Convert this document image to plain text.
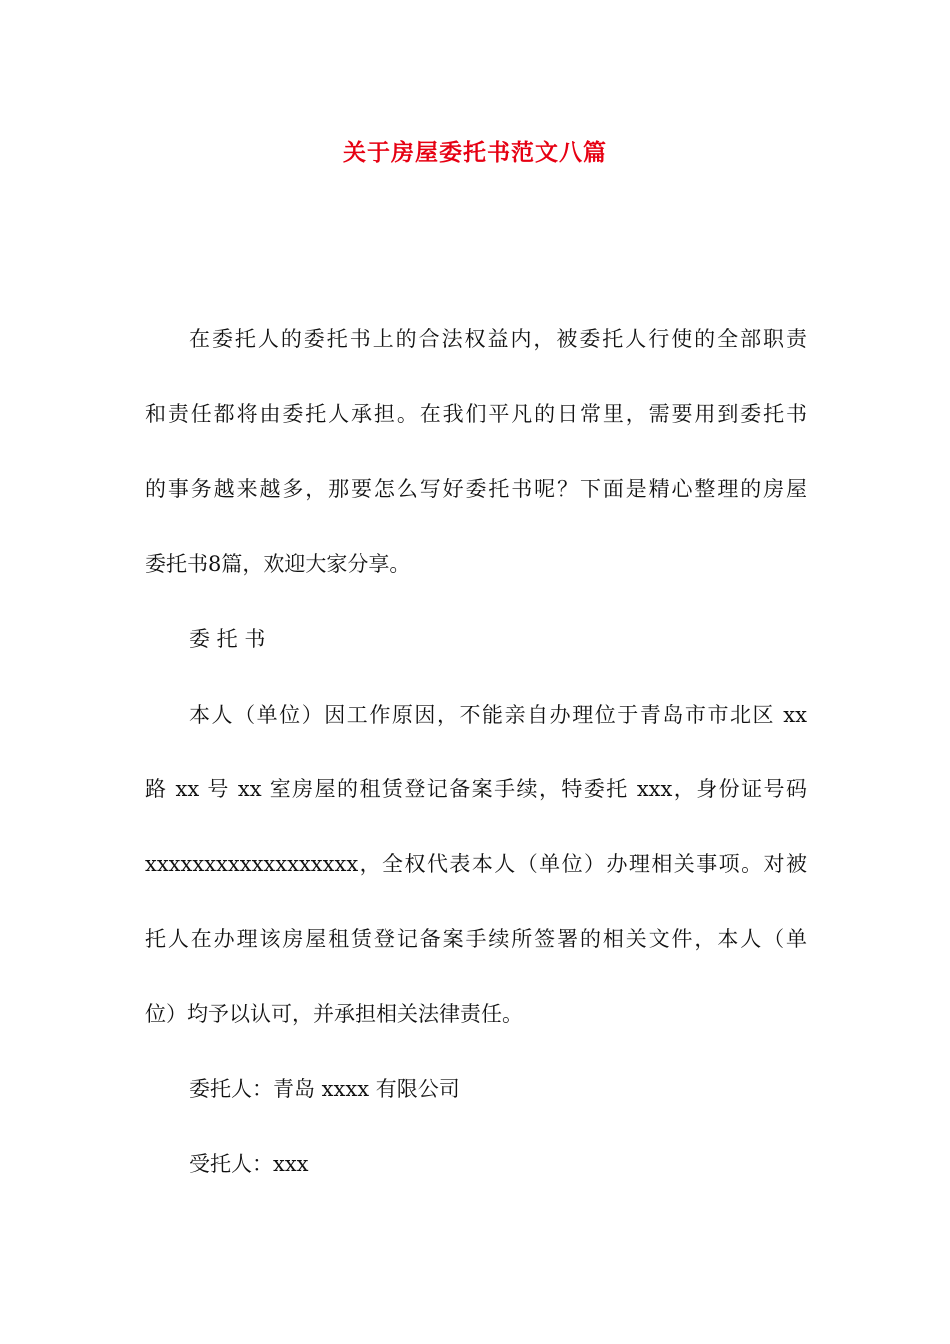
关于房屋委托书范文八篇
在委托人的委托书上的合法权益内，被委托人行使的全部职责
和责任都将由委托人承担。在我们平凡的日常里，需要用到委托书
的事务越来越多，那要怎么写好委托书呢？下面是精心整理的房屋
委托书8篇，欢迎大家分享。
委 托 书
本人（单位）因工作原因，不能亲自办理位于青岛市市北区 xx
路 xx 号 xx 室房屋的租赁登记备案手续，特委托 xxx，身份证号码
xxxxxxxxxxxxxxxxxx，全权代表本人（单位）办理相关事项。对被
托人在办理该房屋租赁登记备案手续所签署的相关文件，本人（单
位）均予以认可，并承担相关法律责任。
委托人：青岛 xxxx 有限公司
受托人：xxx
